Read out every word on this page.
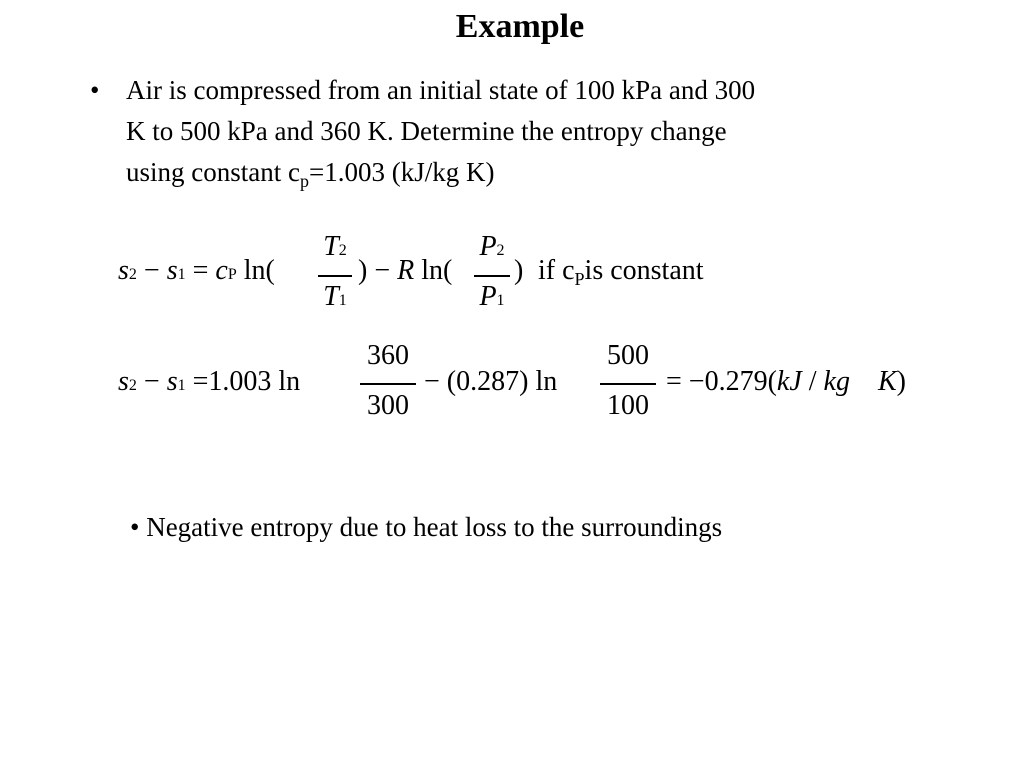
Example
• Air is compressed from an initial state of 100 kPa and 300
K to 500 kPa and 360 K. Determine the entropy change
using constant $c_p=1.003$ (kJ/kg K)
s2 − s1 = cP ln(
T2
T1
) − R ln(
P2
P1
) if $c_Pis$ constant
s2 − s1 =1.003 ln
360
300
− (0.287) ln
500
100
= −0.279(kJ / kg K)
• Negative entropy due to heat loss to the surroundings
